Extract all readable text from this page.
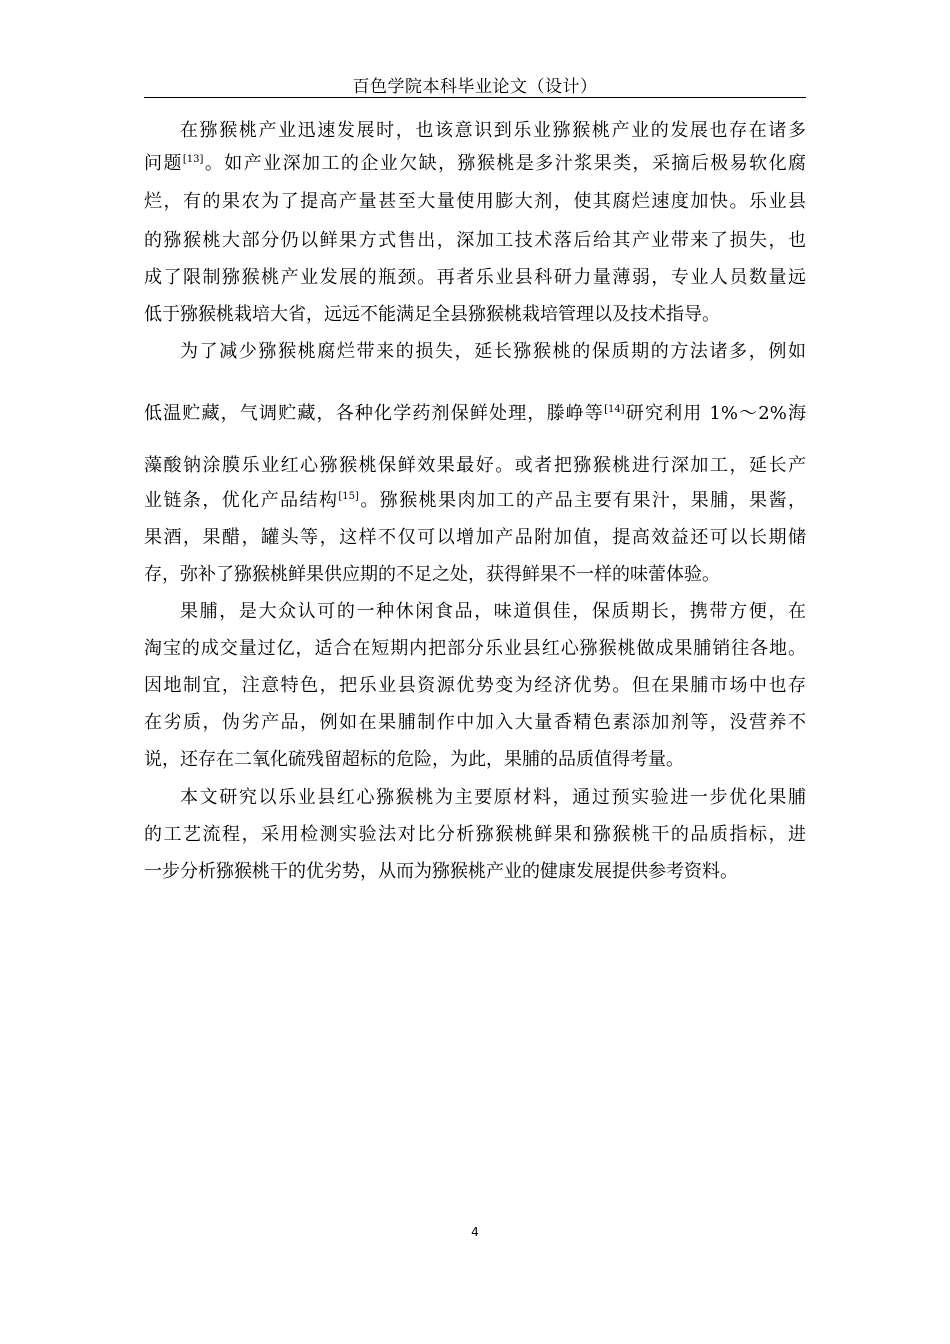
百色学院本科毕业论文（设计）
在猕猴桃产业迅速发展时，也该意识到乐业猕猴桃产业的发展也存在诸多
问题[13]。如产业深加工的企业欠缺，猕猴桃是多汁浆果类，采摘后极易软化腐
烂，有的果农为了提高产量甚至大量使用膨大剂，使其腐烂速度加快。乐业县
的猕猴桃大部分仍以鲜果方式售出，深加工技术落后给其产业带来了损失，也
成了限制猕猴桃产业发展的瓶颈。再者乐业县科研力量薄弱，专业人员数量远
低于猕猴桃栽培大省，远远不能满足全县猕猴桃栽培管理以及技术指导。
为了减少猕猴桃腐烂带来的损失，延长猕猴桃的保质期的方法诸多，例如
低温贮藏，气调贮藏，各种化学药剂保鲜处理，滕峥等[14]研究利用 1%～2%海
藻酸钠涂膜乐业红心猕猴桃保鲜效果最好。或者把猕猴桃进行深加工，延长产
业链条，优化产品结构[15]。猕猴桃果肉加工的产品主要有果汁，果脯，果酱，
果酒，果醋，罐头等，这样不仅可以增加产品附加值，提高效益还可以长期储
存，弥补了猕猴桃鲜果供应期的不足之处，获得鲜果不一样的味蕾体验。
果脯，是大众认可的一种休闲食品，味道俱佳，保质期长，携带方便，在
淘宝的成交量过亿，适合在短期内把部分乐业县红心猕猴桃做成果脯销往各地。
因地制宜，注意特色，把乐业县资源优势变为经济优势。但在果脯市场中也存
在劣质，伪劣产品，例如在果脯制作中加入大量香精色素添加剂等，没营养不
说，还存在二氧化硫残留超标的危险，为此，果脯的品质值得考量。
本文研究以乐业县红心猕猴桃为主要原材料，通过预实验进一步优化果脯
的工艺流程，采用检测实验法对比分析猕猴桃鲜果和猕猴桃干的品质指标，进
一步分析猕猴桃干的优劣势，从而为猕猴桃产业的健康发展提供参考资料。
4
